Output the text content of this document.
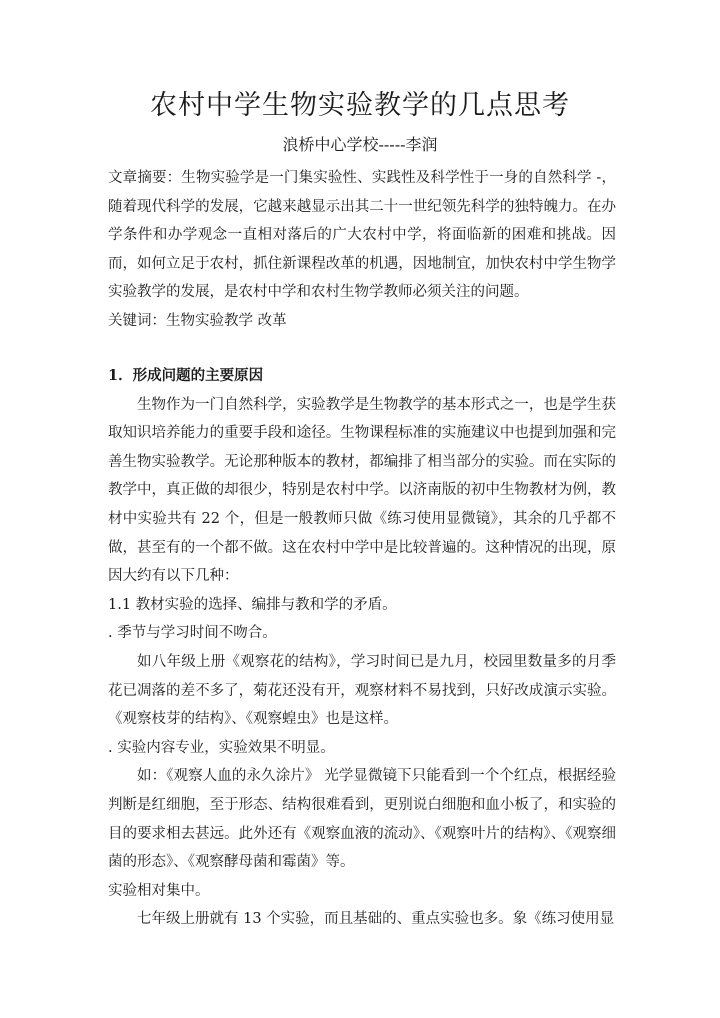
农村中学生物实验教学的几点思考
浪桥中心学校-----李润

文章摘要：生物实验学是一门集实验性、实践性及科学性于一身的自然科学 -，随着现代科学的发展，它越来越显示出其二十一世纪领先科学的独特魄力。在办学条件和办学观念一直相对落后的广大农村中学，将面临新的困难和挑战。因而，如何立足于农村，抓住新课程改革的机遇，因地制宜，加快农村中学生物学实验教学的发展，是农村中学和农村生物学教师必须关注的问题。

关键词：生物实验教学 改革

1．形成问题的主要原因

生物作为一门自然科学，实验教学是生物教学的基本形式之一，也是学生获取知识培养能力的重要手段和途径。生物课程标准的实施建议中也提到加强和完善生物实验教学。无论那种版本的教材，都编排了相当部分的实验。而在实际的教学中，真正做的却很少，特别是农村中学。以济南版的初中生物教材为例，教材中实验共有 22 个，但是一般教师只做《练习使用显微镜》，其余的几乎都不做，甚至有的一个都不做。这在农村中学中是比较普遍的。这种情况的出现，原因大约有以下几种：

1.1 教材实验的选择、编排与教和学的矛盾。

. 季节与学习时间不吻合。

如八年级上册《观察花的结构》，学习时间已是九月，校园里数量多的月季花已凋落的差不多了，菊花还没有开，观察材料不易找到，只好改成演示实验。《观察枝芽的结构》、《观察蝗虫》也是这样。

. 实验内容专业，实验效果不明显。

如：《观察人血的永久涂片》 光学显微镜下只能看到一个个红点，根据经验判断是红细胞，至于形态、结构很难看到，更别说白细胞和血小板了，和实验的目的要求相去甚远。此外还有《观察血液的流动》、《观察叶片的结构》、《观察细菌的形态》、《观察酵母菌和霉菌》等。

实验相对集中。

七年级上册就有 13 个实验，而且基础的、重点实验也多。象《练习使用显
